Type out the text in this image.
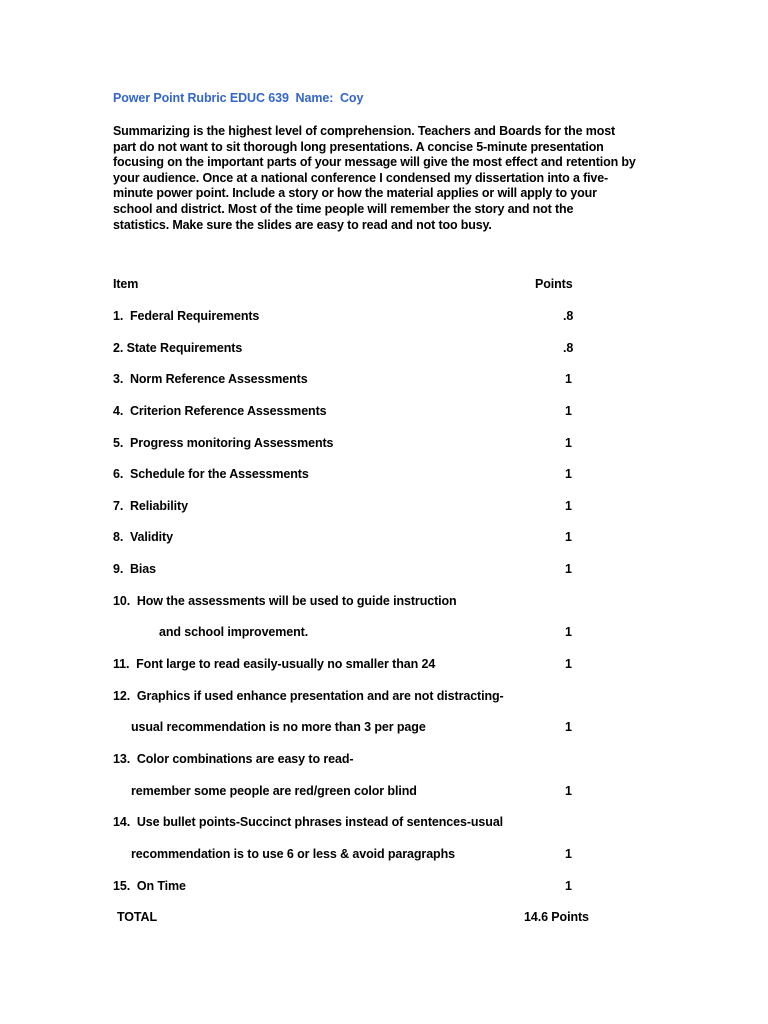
Power Point Rubric EDUC 639  Name:  Coy

Summarizing is the highest level of comprehension. Teachers and Boards for the most
part do not want to sit thorough long presentations. A concise 5-minute presentation
focusing on the important parts of your message will give the most effect and retention by
your audience. Once at a national conference I condensed my dissertation into a five-
minute power point. Include a story or how the material applies or will apply to your
school and district. Most of the time people will remember the story and not the
statistics. Make sure the slides are easy to read and not too busy.

Item	Points
1.  Federal Requirements	.8
2. State Requirements	.8
3.  Norm Reference Assessments	1
4.  Criterion Reference Assessments	1
5.  Progress monitoring Assessments	1
6.  Schedule for the Assessments	1
7.  Reliability	1
8.  Validity	1
9.  Bias	1
10.  How the assessments will be used to guide instruction
and school improvement.	1
11.  Font large to read easily-usually no smaller than 24	1
12.  Graphics if used enhance presentation and are not distracting-
usual recommendation is no more than 3 per page	1
13.  Color combinations are easy to read-
remember some people are red/green color blind	1
14.  Use bullet points-Succinct phrases instead of sentences-usual
recommendation is to use 6 or less & avoid paragraphs	1
15.  On Time	1
TOTAL	14.6 Points
